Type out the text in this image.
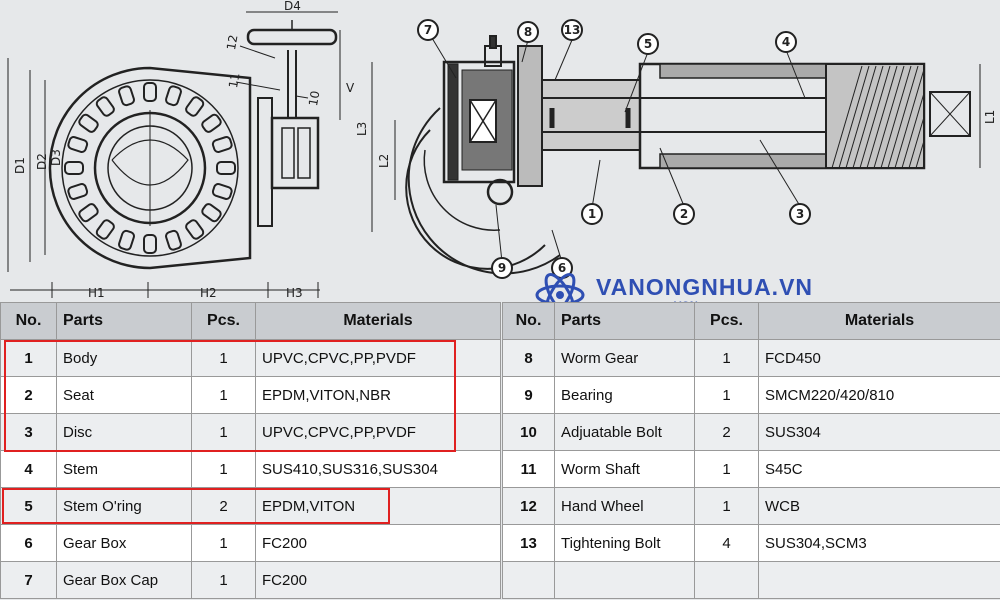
D4
12
11
10
V
H1	H2	H3
D1 D2 D3
L1
L2
L3
7	8	13
5	4
1	2	3
9	6
VANONGNHUA.VN
No.	Parts	Pcs.	Materials
1	Body	1	UPVC,CPVC,PP,PVDF
2	Seat	1	EPDM,VITON,NBR
3	Disc	1	UPVC,CPVC,PP,PVDF
4	Stem	1	SUS410,SUS316,SUS304
5	Stem O'ring	2	EPDM,VITON
6	Gear Box	1	FC200
7	Gear Box Cap	1	FC200
No.	Parts	Pcs.	Materials
8	Worm Gear	1	FCD450
9	Bearing	1	SMCM220/420/810
10	Adjuatable Bolt	2	SUS304
11	Worm Shaft	1	S45C
12	Hand Wheel	1	WCB
13	Tightening Bolt	4	SUS304,SCM3
